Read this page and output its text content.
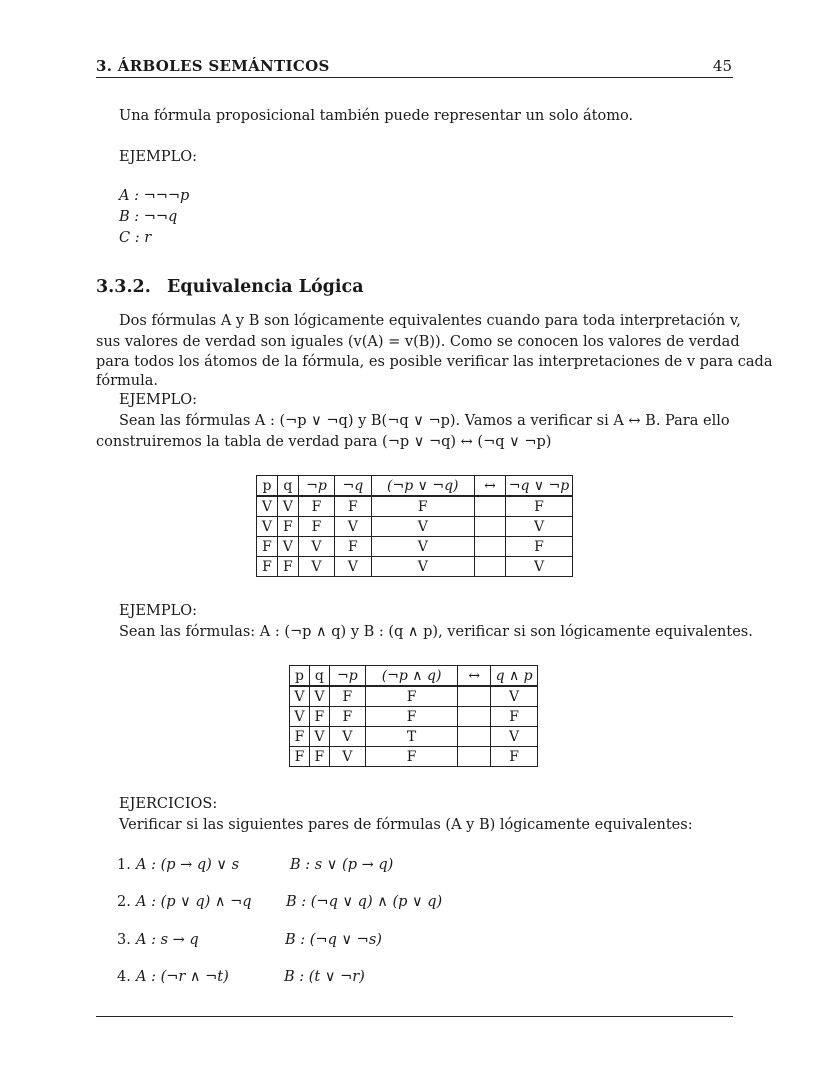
3. ÁRBOLES SEMÁNTICOS	45
Una fórmula proposicional también puede representar un solo átomo.
EJEMPLO:
A : ¬¬¬p
B : ¬¬q
C : r
3.3.2. Equivalencia Lógica
Dos fórmulas A y B son lógicamente equivalentes cuando para toda interpretación v,
sus valores de verdad son iguales (v(A) = v(B)). Como se conocen los valores de verdad
para todos los átomos de la fórmula, es posible verificar las interpretaciones de v para cada
fórmula.
EJEMPLO:
Sean las fórmulas A : (¬p ∨ ¬q) y B(¬q ∨ ¬p). Vamos a verificar si A ↔ B. Para ello
construiremos la tabla de verdad para (¬p ∨ ¬q) ↔ (¬q ∨ ¬p)
p	q	¬p	¬q	(¬p ∨ ¬q)	↔	¬q ∨ ¬p
V	V	F	F	F		F
V	F	F	V	V		V
F	V	V	F	V		F
F	F	V	V	V		V
EJEMPLO:
Sean las fórmulas: A : (¬p ∧ q) y B : (q ∧ p), verificar si son lógicamente equivalentes.
p	q	¬p	(¬p ∧ q)	↔	q ∧ p
V	V	F	F		V
V	F	F	F		F
F	V	V	T		V
F	F	V	F		F
EJERCICIOS:
Verificar si las siguientes pares de fórmulas (A y B) lógicamente equivalentes:
1. A : (p → q) ∨ s	B : s ∨ (p → q)
2. A : (p ∨ q) ∧ ¬q B : (¬q ∨ q) ∧ (p ∨ q)
3. A : s → q	B : (¬q ∨ ¬s)
4. A : (¬r ∧ ¬t)	B : (t ∨ ¬r)
